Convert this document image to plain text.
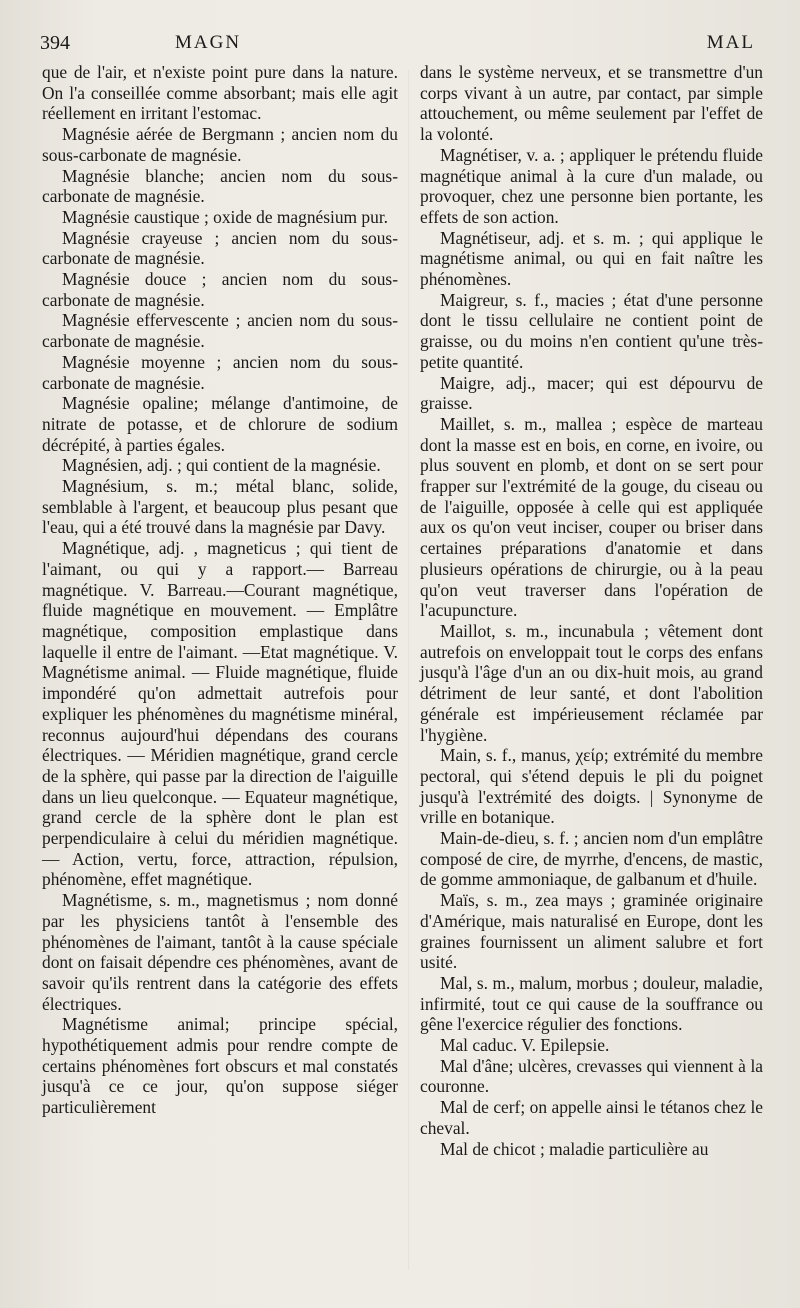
394	MAGN	MAL

que de l'air, et n'existe point pure dans la nature. On l'a conseillée comme absorbant; mais elle agit réellement en irritant l'estomac.

Magnésie aérée de Bergmann ; ancien nom du sous-carbonate de magnésie.

Magnésie blanche; ancien nom du sous-carbonate de magnésie.

Magnésie caustique ; oxide de magnésium pur.

Magnésie crayeuse ; ancien nom du sous-carbonate de magnésie.

Magnésie douce ; ancien nom du sous-carbonate de magnésie.

Magnésie effervescente ; ancien nom du sous-carbonate de magnésie.

Magnésie moyenne ; ancien nom du sous-carbonate de magnésie.

Magnésie opaline; mélange d'antimoine, de nitrate de potasse, et de chlorure de sodium décrépité, à parties égales.

Magnésien, adj. ; qui contient de la magnésie.

Magnésium, s. m.; métal blanc, solide, semblable à l'argent, et beaucoup plus pesant que l'eau, qui a été trouvé dans la magnésie par Davy.

Magnétique, adj. , magneticus ; qui tient de l'aimant, ou qui y a rapport.— Barreau magnétique. V. Barreau.—Courant magnétique, fluide magnétique en mouvement. — Emplâtre magnétique, composition emplastique dans laquelle il entre de l'aimant. —Etat magnétique. V. Magnétisme animal. — Fluide magnétique, fluide impondéré qu'on admettait autrefois pour expliquer les phénomènes du magnétisme minéral, reconnus aujourd'hui dépendans des courans électriques. — Méridien magnétique, grand cercle de la sphère, qui passe par la direction de l'aiguille dans un lieu quelconque. — Equateur magnétique, grand cercle de la sphère dont le plan est perpendiculaire à celui du méridien magnétique. — Action, vertu, force, attraction, répulsion, phénomène, effet magnétique.

Magnétisme, s. m., magnetismus ; nom donné par les physiciens tantôt à l'ensemble des phénomènes de l'aimant, tantôt à la cause spéciale dont on faisait dépendre ces phénomènes, avant de savoir qu'ils rentrent dans la catégorie des effets électriques.

Magnétisme animal; principe spécial, hypothétiquement admis pour rendre compte de certains phénomènes fort obscurs et mal constatés jusqu'à ce ce jour, qu'on suppose siéger particulièrement

dans le système nerveux, et se transmettre d'un corps vivant à un autre, par contact, par simple attouchement, ou même seulement par l'effet de la volonté.

Magnétiser, v. a. ; appliquer le prétendu fluide magnétique animal à la cure d'un malade, ou provoquer, chez une personne bien portante, les effets de son action.

Magnétiseur, adj. et s. m. ; qui applique le magnétisme animal, ou qui en fait naître les phénomènes.

Maigreur, s. f., macies ; état d'une personne dont le tissu cellulaire ne contient point de graisse, ou du moins n'en contient qu'une très-petite quantité.

Maigre, adj., macer; qui est dépourvu de graisse.

Maillet, s. m., mallea ; espèce de marteau dont la masse est en bois, en corne, en ivoire, ou plus souvent en plomb, et dont on se sert pour frapper sur l'extrémité de la gouge, du ciseau ou de l'aiguille, opposée à celle qui est appliquée aux os qu'on veut inciser, couper ou briser dans certaines préparations d'anatomie et dans plusieurs opérations de chirurgie, ou à la peau qu'on veut traverser dans l'opération de l'acupuncture.

Maillot, s. m., incunabula ; vêtement dont autrefois on enveloppait tout le corps des enfans jusqu'à l'âge d'un an ou dix-huit mois, au grand détriment de leur santé, et dont l'abolition générale est impérieusement réclamée par l'hygiène.

Main, s. f., manus, χείρ; extrémité du membre pectoral, qui s'étend depuis le pli du poignet jusqu'à l'extrémité des doigts. | Synonyme de vrille en botanique.

Main-de-dieu, s. f. ; ancien nom d'un emplâtre composé de cire, de myrrhe, d'encens, de mastic, de gomme ammoniaque, de galbanum et d'huile.

Maïs, s. m., zea mays ; graminée originaire d'Amérique, mais naturalisé en Europe, dont les graines fournissent un aliment salubre et fort usité.

Mal, s. m., malum, morbus ; douleur, maladie, infirmité, tout ce qui cause de la souffrance ou gêne l'exercice régulier des fonctions.

Mal caduc. V. Epilepsie.

Mal d'âne; ulcères, crevasses qui viennent à la couronne.

Mal de cerf; on appelle ainsi le tétanos chez le cheval.

Mal de chicot ; maladie particulière au
